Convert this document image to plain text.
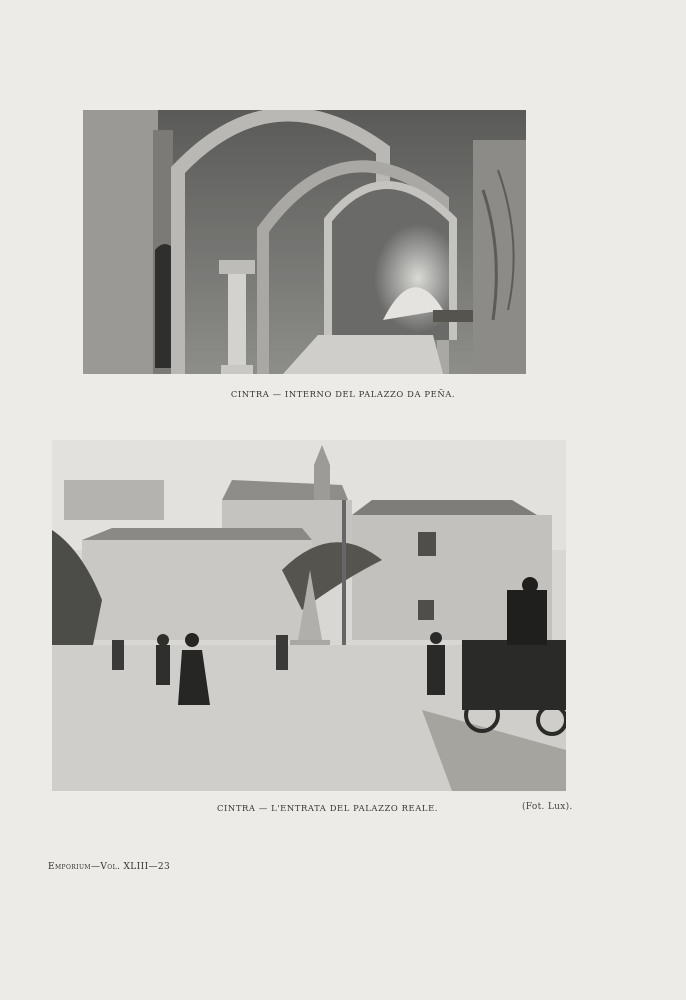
CINTRA — INTERNO DEL PALAZZO DA PEÑA.
CINTRA — L'ENTRATA DEL PALAZZO REALE.	(Fot. Lux).
Emporium—Vol. XLIII—23
